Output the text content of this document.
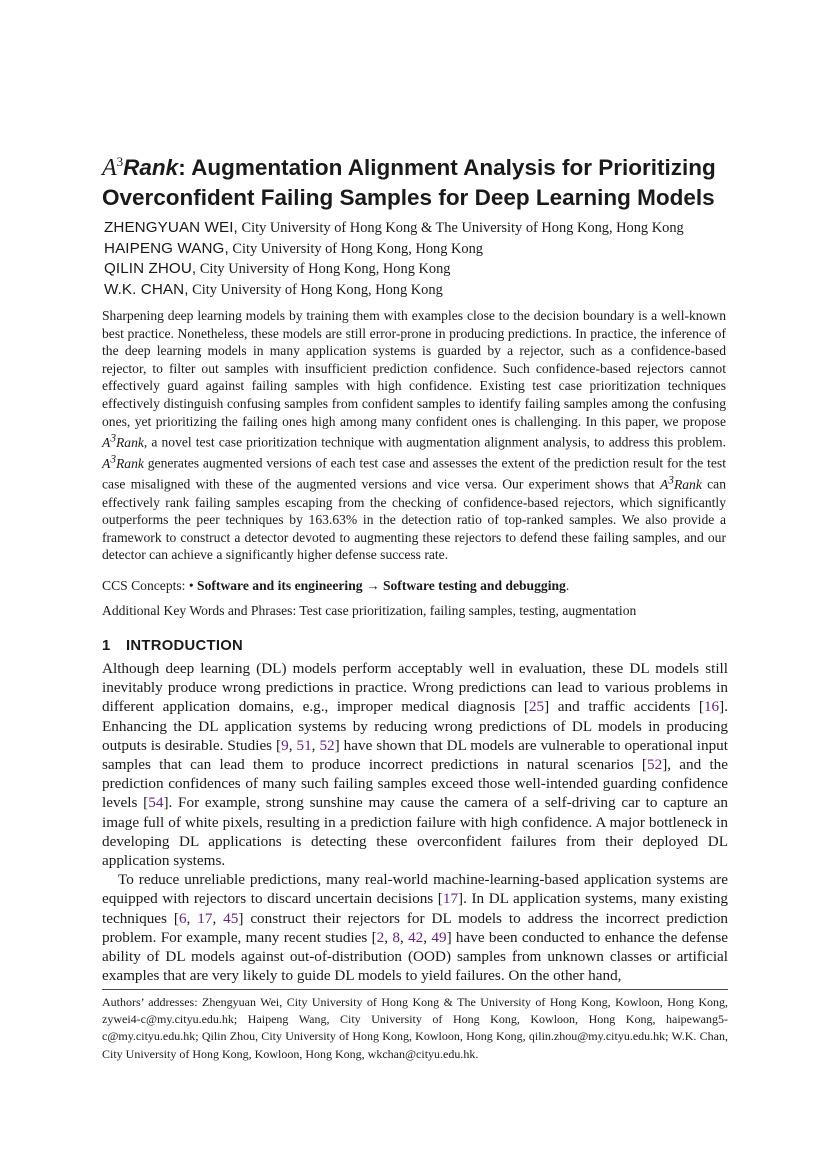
$A^3Rank$: Augmentation Alignment Analysis for Prioritizing Overconfident Failing Samples for Deep Learning Models
ZHENGYUAN WEI, City University of Hong Kong & The University of Hong Kong, Hong Kong
HAIPENG WANG, City University of Hong Kong, Hong Kong
QILIN ZHOU, City University of Hong Kong, Hong Kong
W.K. CHAN, City University of Hong Kong, Hong Kong

Sharpening deep learning models by training them with examples close to the decision boundary is a well-known best practice. Nonetheless, these models are still error-prone in producing predictions. In practice, the inference of the deep learning models in many application systems is guarded by a rejector, such as a confidence-based rejector, to filter out samples with insufficient prediction confidence. Such confidence-based rejectors cannot effectively guard against failing samples with high confidence. Existing test case prioritization techniques effectively distinguish confusing samples from confident samples to identify failing samples among the confusing ones, yet prioritizing the failing ones high among many confident ones is challenging. In this paper, we propose $A^3Rank$, a novel test case prioritization technique with augmentation alignment analysis, to address this problem. $A^3Rank$ generates augmented versions of each test case and assesses the extent of the prediction result for the test case misaligned with these of the augmented versions and vice versa. Our experiment shows that $A^3Rank$ can effectively rank failing samples escaping from the checking of confidence-based rejectors, which significantly outperforms the peer techniques by 163.63% in the detection ratio of top-ranked samples. We also provide a framework to construct a detector devoted to augmenting these rejectors to defend these failing samples, and our detector can achieve a significantly higher defense success rate.

CCS Concepts: • Software and its engineering → Software testing and debugging.
Additional Key Words and Phrases: Test case prioritization, failing samples, testing, augmentation
1 INTRODUCTION

Although deep learning (DL) models perform acceptably well in evaluation, these DL models still inevitably produce wrong predictions in practice. Wrong predictions can lead to various problems in different application domains, e.g., improper medical diagnosis [25] and traffic accidents [16]. Enhancing the DL application systems by reducing wrong predictions of DL models in producing outputs is desirable. Studies [9, 51, 52] have shown that DL models are vulnerable to operational input samples that can lead them to produce incorrect predictions in natural scenarios [52], and the prediction confidences of many such failing samples exceed those well-intended guarding confidence levels [54]. For example, strong sunshine may cause the camera of a self-driving car to capture an image full of white pixels, resulting in a prediction failure with high confidence. A major bottleneck in developing DL applications is detecting these overconfident failures from their deployed DL application systems.

To reduce unreliable predictions, many real-world machine-learning-based application systems are equipped with rejectors to discard uncertain decisions [17]. In DL application systems, many existing techniques [6, 17, 45] construct their rejectors for DL models to address the incorrect prediction problem. For example, many recent studies [2, 8, 42, 49] have been conducted to enhance the defense ability of DL models against out-of-distribution (OOD) samples from unknown classes or artificial examples that are very likely to guide DL models to yield failures. On the other hand,

Authors’ addresses: Zhengyuan Wei, City University of Hong Kong & The University of Hong Kong, Kowloon, Hong Kong, zywei4-c@my.cityu.edu.hk; Haipeng Wang, City University of Hong Kong, Kowloon, Hong Kong, haipewang5-c@my.cityu.edu.hk; Qilin Zhou, City University of Hong Kong, Kowloon, Hong Kong, qilin.zhou@my.cityu.edu.hk; W.K. Chan, City University of Hong Kong, Kowloon, Hong Kong, wkchan@cityu.edu.hk.
